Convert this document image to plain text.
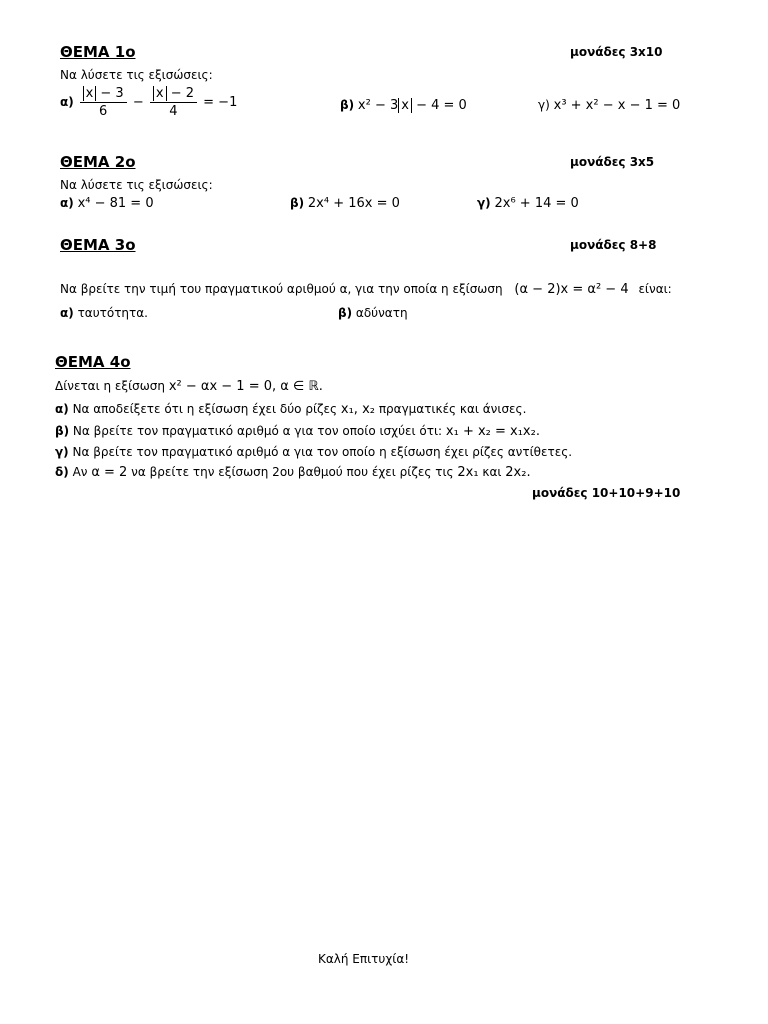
ΘΕΜΑ 1ο	μονάδες 3x10
Να λύσετε τις εξισώσεις:
$\alpha) \frac{x - 3}{6} - \frac{x - 2}{4} = -1$	β) x² − 3 x − 4 = 0	γ) x³ + x² − x − 1 = 0
ΘΕΜΑ 2ο	μονάδες 3x5
Να λύσετε τις εξισώσεις:
α) x⁴ − 81 = 0	β) 2x⁴ + 16x = 0	γ) 2x⁶ + 14 = 0
ΘΕΜΑ 3ο	μονάδες 8+8
Να βρείτε την τιμή του πραγματικού αριθμού α, για την οποία η εξίσωση (α − 2)x = α² − 4 είναι:
α) ταυτότητα.	β) αδύνατη
ΘΕΜΑ 4ο
Δίνεται η εξίσωση x² − αx − 1 = 0, α ∈ ℝ.
α) Να αποδείξετε ότι η εξίσωση έχει δύο ρίζες x₁, x₂ πραγματικές και άνισες.
β) Να βρείτε τον πραγματικό αριθμό α για τον οποίο ισχύει ότι: x₁ + x₂ = x₁x₂.
γ) Να βρείτε τον πραγματικό αριθμό α για τον οποίο η εξίσωση έχει ρίζες αντίθετες.
δ) Αν α = 2 να βρείτε την εξίσωση 2ου βαθμού που έχει ρίζες τις 2x₁ και 2x₂.
μονάδες 10+10+9+10
Καλή Επιτυχία!
